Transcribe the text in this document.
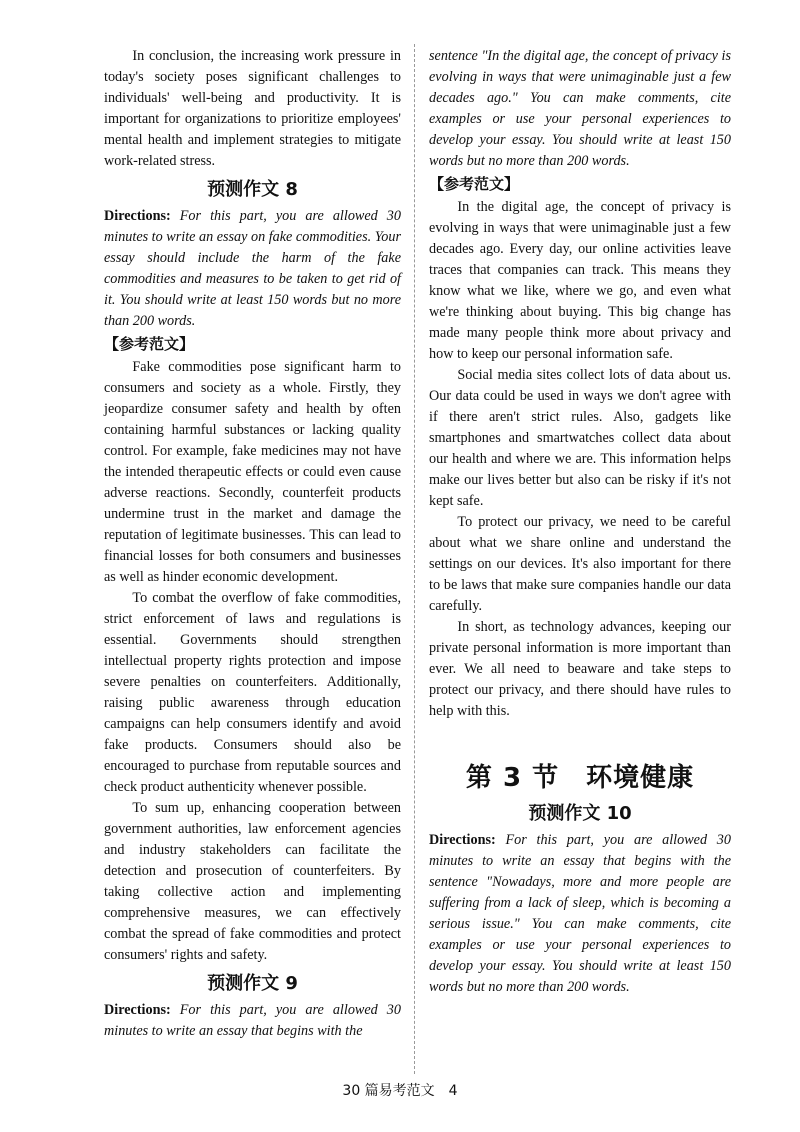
In conclusion, the increasing work pressure in today's society poses significant challenges to individuals' well-being and productivity. It is important for organizations to prioritize employees' mental health and implement strategies to mitigate work-related stress.

预测作文 8

Directions: For this part, you are allowed 30 minutes to write an essay on fake commodities. Your essay should include the harm of the fake commodities and measures to be taken to get rid of it. You should write at least 150 words but no more than 200 words.

【参考范文】

Fake commodities pose significant harm to consumers and society as a whole. Firstly, they jeopardize consumer safety and health by often containing harmful substances or lacking quality control. For example, fake medicines may not have the intended therapeutic effects or could even cause adverse reactions. Secondly, counterfeit products undermine trust in the market and damage the reputation of legitimate businesses. This can lead to financial losses for both consumers and businesses as well as hinder economic development.

To combat the overflow of fake commodities, strict enforcement of laws and regulations is essential. Governments should strengthen intellectual property rights protection and impose severe penalties on counterfeiters. Additionally, raising public awareness through education campaigns can help consumers identify and avoid fake products. Consumers should also be encouraged to purchase from reputable sources and check product authenticity whenever possible.

To sum up, enhancing cooperation between government authorities, law enforcement agencies and industry stakeholders can facilitate the detection and prosecution of counterfeiters. By taking collective action and implementing comprehensive measures, we can effectively combat the spread of fake commodities and protect consumers' rights and safety.

预测作文 9

Directions: For this part, you are allowed 30 minutes to write an essay that begins with the

sentence "In the digital age, the concept of privacy is evolving in ways that were unimaginable just a few decades ago." You can make comments, cite examples or use your personal experiences to develop your essay. You should write at least 150 words but no more than 200 words.

【参考范文】

In the digital age, the concept of privacy is evolving in ways that were unimaginable just a few decades ago. Every day, our online activities leave traces that companies can track. This means they know what we like, where we go, and even what we're thinking about buying. This big change has made many people think more about privacy and how to keep our personal information safe.

Social media sites collect lots of data about us. Our data could be used in ways we don't agree with if there aren't strict rules. Also, gadgets like smartphones and smartwatches collect data about our health and where we are. This information helps make our lives better but also can be risky if it's not kept safe.

To protect our privacy, we need to be careful about what we share online and understand the settings on our devices. It's also important for there to be laws that make sure companies handle our data carefully.

In short, as technology advances, keeping our private personal information is more important than ever. We all need to beaware and take steps to protect our privacy, and there should have rules to help with this.

第 3 节　环境健康
预测作文 10

Directions: For this part, you are allowed 30 minutes to write an essay that begins with the sentence "Nowadays, more and more people are suffering from a lack of sleep, which is becoming a serious issue." You can make comments, cite examples or use your personal experiences to develop your essay. You should write at least 150 words but no more than 200 words.

30 篇易考范文　4
